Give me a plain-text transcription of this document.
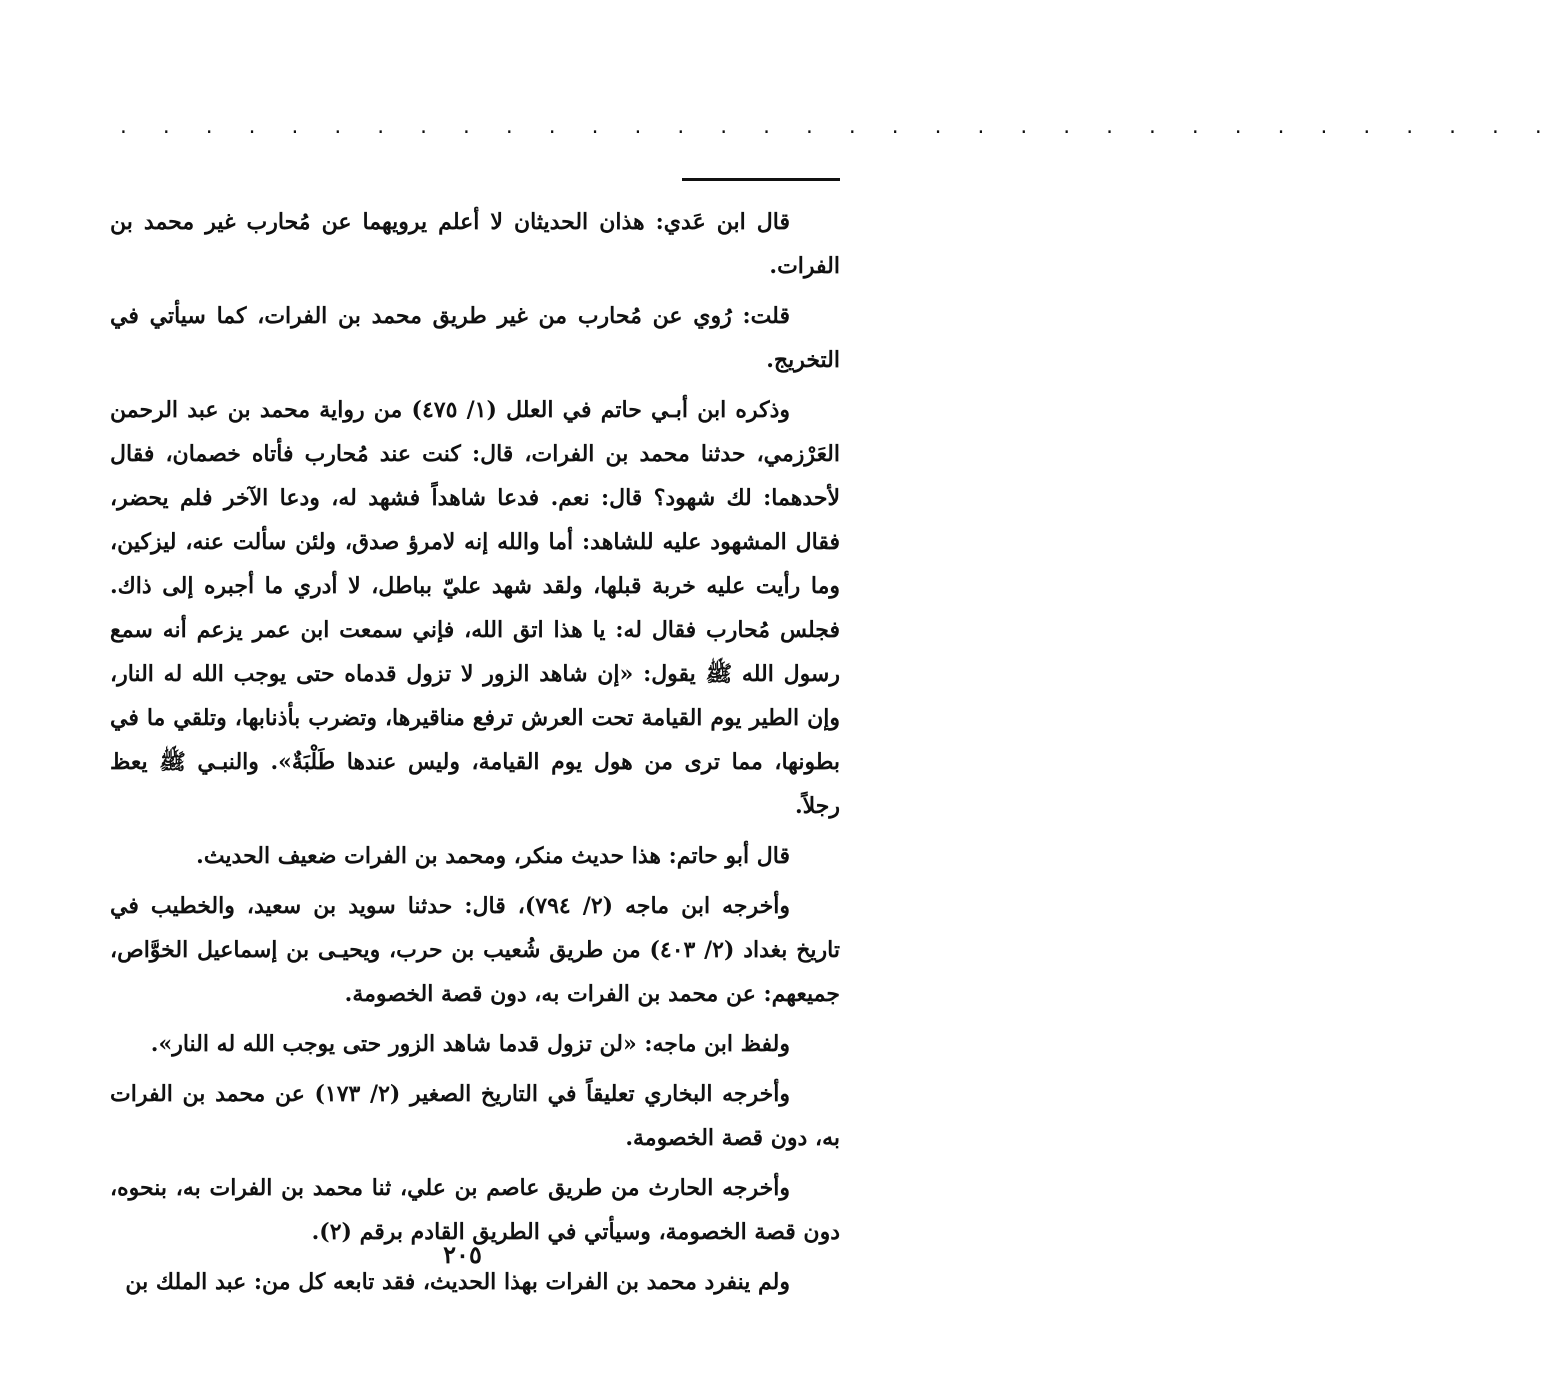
. . . . . . . . . . . . . . . . . . . . . . . . . . . . . . . . . .

قال ابن عَدي: هذان الحديثان لا أعلم يرويهما عن مُحارب غير محمد بن الفرات.

قلت: رُوي عن مُحارب من غير طريق محمد بن الفرات، كما سيأتي في التخريج.

وذكره ابن أبـي حاتم في العلل (١/ ٤٧٥) من رواية محمد بن عبد الرحمن العَرْزمي، حدثنا محمد بن الفرات، قال: كنت عند مُحارب فأتاه خصمان، فقال لأحدهما: لك شهود؟ قال: نعم. فدعا شاهداً فشهد له، ودعا الآخر فلم يحضر، فقال المشهود عليه للشاهد: أما والله إنه لامرؤ صدق، ولئن سألت عنه، ليزكين، وما رأيت عليه خربة قبلها، ولقد شهد عليّ بباطل، لا أدري ما أجبره إلى ذاك. فجلس مُحارب فقال له: يا هذا اتق الله، فإني سمعت ابن عمر يزعم أنه سمع رسول الله ﷺ يقول: «إن شاهد الزور لا تزول قدماه حتى يوجب الله له النار، وإن الطير يوم القيامة تحت العرش ترفع مناقيرها، وتضرب بأذنابها، وتلقي ما في بطونها، مما ترى من هول يوم القيامة، وليس عندها طَلْبَةٌ». والنبـي ﷺ يعظ رجلاً.

قال أبو حاتم: هذا حديث منكر، ومحمد بن الفرات ضعيف الحديث.

وأخرجه ابن ماجه (٢/ ٧٩٤)، قال: حدثنا سويد بن سعيد، والخطيب في تاريخ بغداد (٢/ ٤٠٣) من طريق شُعيب بن حرب، ويحيـى بن إسماعيل الخوَّاص، جميعهم: عن محمد بن الفرات به، دون قصة الخصومة.

ولفظ ابن ماجه: «لن تزول قدما شاهد الزور حتى يوجب الله له النار».

وأخرجه البخاري تعليقاً في التاريخ الصغير (٢/ ١٧٣) عن محمد بن الفرات به، دون قصة الخصومة.

وأخرجه الحارث من طريق عاصم بن علي، ثنا محمد بن الفرات به، بنحوه، دون قصة الخصومة، وسيأتي في الطريق القادم برقم (٢).

ولم ينفرد محمد بن الفرات بهذا الحديث، فقد تابعه كل من: عبد الملك بن

٢٠٥
